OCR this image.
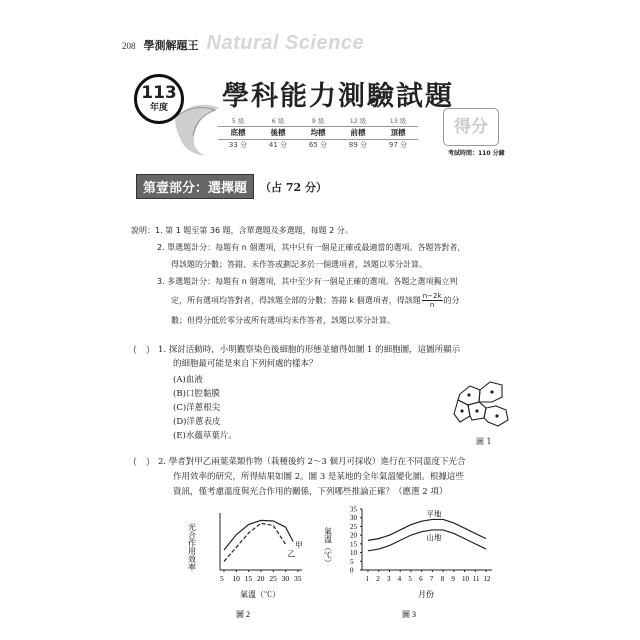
208 學測解題王 Natural Science
113
年度	學科能力測驗試題
5 級
底標
33 分
6 級
後標
41 分
9 級
均標
65 分
12 級
前標
89 分
13 級
頂標
97 分
得分
考試時間：110 分鐘
第壹部分：選擇題	（占 72 分）
說明： 1. 第 1 題至第 36 題，含單選題及多選題，每題 2 分。
2. 單選題計分：每題有 n 個選項，其中只有一個是正確或最適當的選項。各題答對者，
得該題的分數；答錯、未作答或劃記多於一個選項者，該題以零分計算。
3. 多選題計分：每題有 n 個選項，其中至少有一個是正確的選項。各題之選項獨立判
定，所有選項均答對者，得該題全部的分數；答錯 k 個選項者，得該題 $\frac{n-2k}{n}$ 的分
數；但得分低於零分或所有選項均未作答者，該題以零分計算。
（　） 1. 探討活動時，小明觀察染色後細胞的形態並繪得如圖 1 的細胞圖，這圖所顯示
的細胞最可能是來自下列何處的樣本？
(A)血液
(B)口腔黏膜
(C)洋蔥根尖
(D)洋蔥表皮
(E)水蘊草葉片。
圖 1
（　） 2. 學者對甲乙兩葉菜類作物（栽種後約 2～3 個月可採收）進行在不同溫度下光合
作用效率的研究，所得結果如圖 2。圖 3 是某地的全年氣溫變化圖。根據這些
資訊，僅考慮溫度與光合作用的關係，下列哪些推論正確？（應選 2 項）
光合作用效率
5 10 15 20 25 30 35
甲
乙
氣溫（℃）
圖 2
氣溫（℃）
0
5
10
15
20
25
30
35
1 2 3 4 5 6 7 8 9 10 11 12
平地
山地
月份
圖 3
